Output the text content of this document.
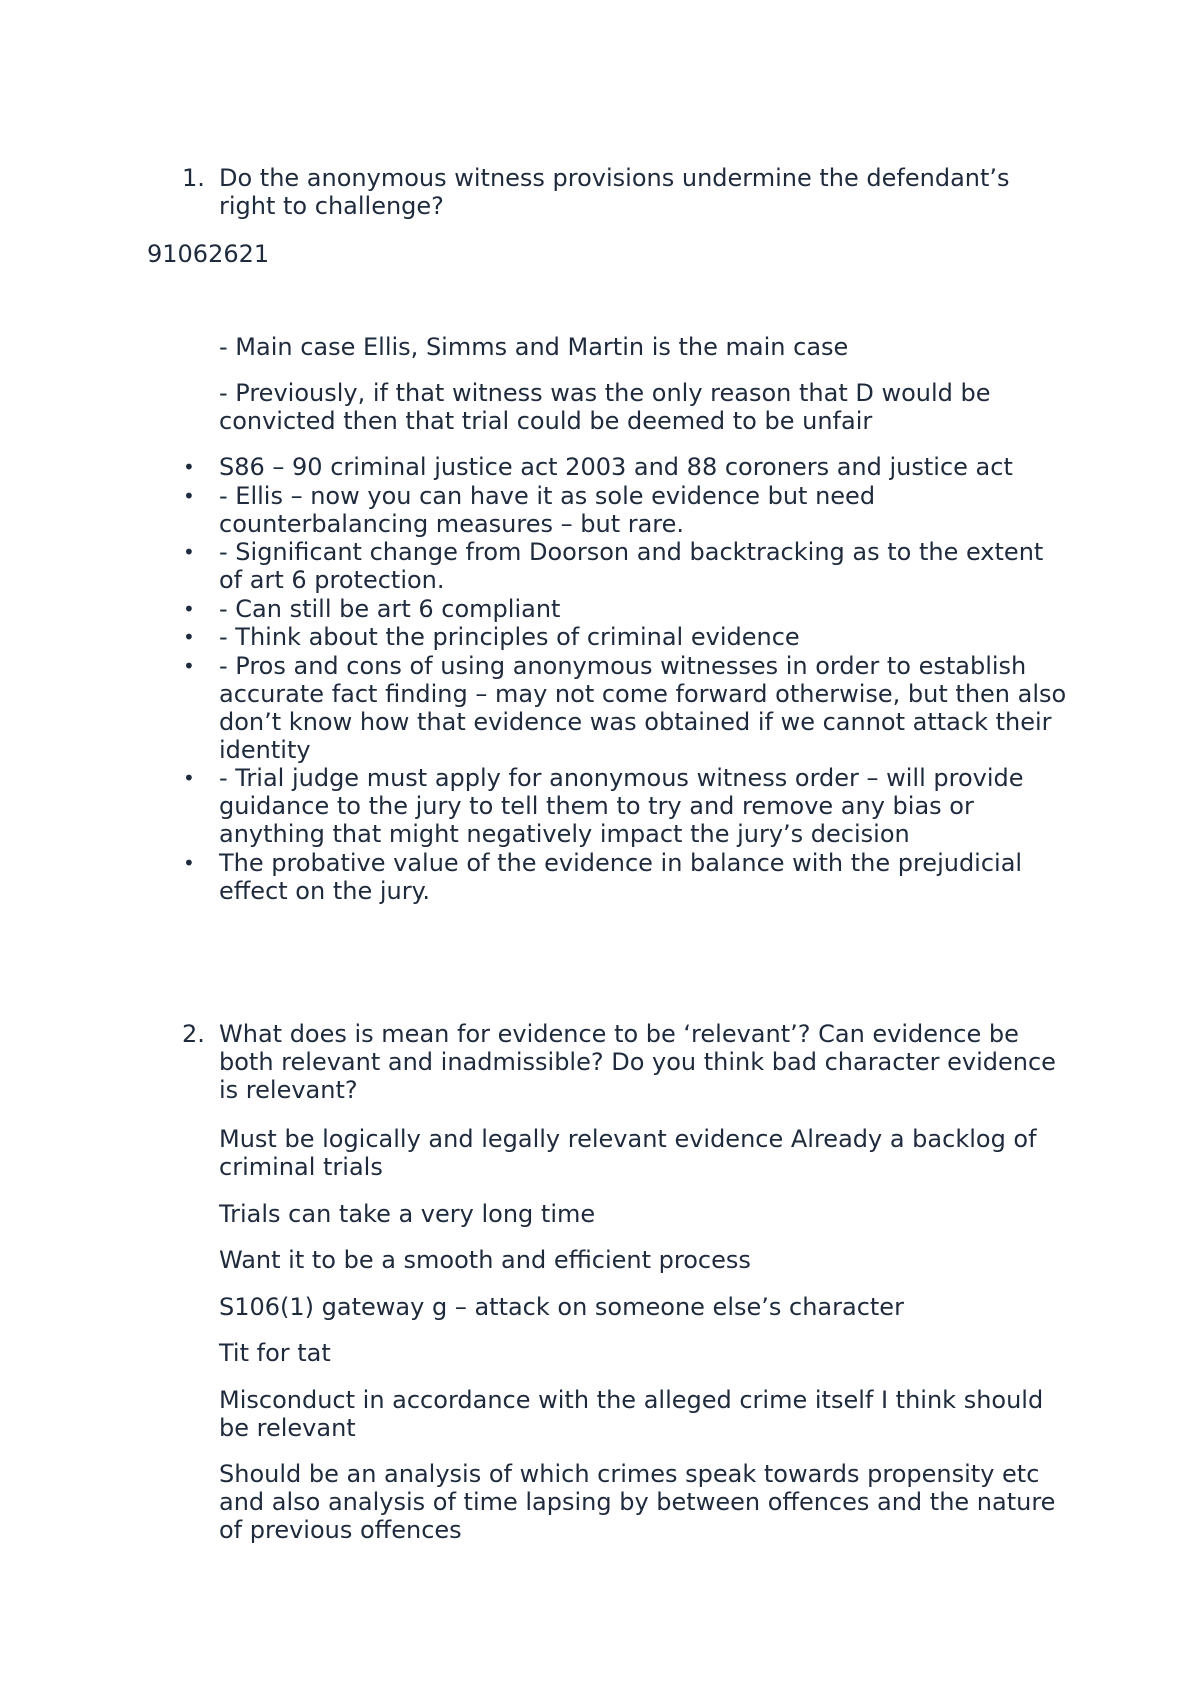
1. Do the anonymous witness provisions undermine the defendant’s right to challenge?
91062621
- Main case Ellis, Simms and Martin is the main case
- Previously, if that witness was the only reason that D would be convicted then that trial could be deemed to be unfair
• S86 – 90 criminal justice act 2003 and 88 coroners and justice act
• - Ellis – now you can have it as sole evidence but need counterbalancing measures – but rare.
• - Significant change from Doorson and backtracking as to the extent of art 6 protection.
• - Can still be art 6 compliant
• - Think about the principles of criminal evidence
• - Pros and cons of using anonymous witnesses in order to establish accurate fact finding – may not come forward otherwise, but then also don’t know how that evidence was obtained if we cannot attack their identity
• - Trial judge must apply for anonymous witness order – will provide guidance to the jury to tell them to try and remove any bias or anything that might negatively impact the jury’s decision
• The probative value of the evidence in balance with the prejudicial effect on the jury.
2. What does is mean for evidence to be ‘relevant’? Can evidence be both relevant and inadmissible? Do you think bad character evidence is relevant?

Must be logically and legally relevant evidence Already a backlog of criminal trials

Trials can take a very long time

Want it to be a smooth and efficient process

S106(1) gateway g – attack on someone else’s character

Tit for tat

Misconduct in accordance with the alleged crime itself I think should be relevant

Should be an analysis of which crimes speak towards propensity etc and also analysis of time lapsing by between offences and the nature of previous offences
